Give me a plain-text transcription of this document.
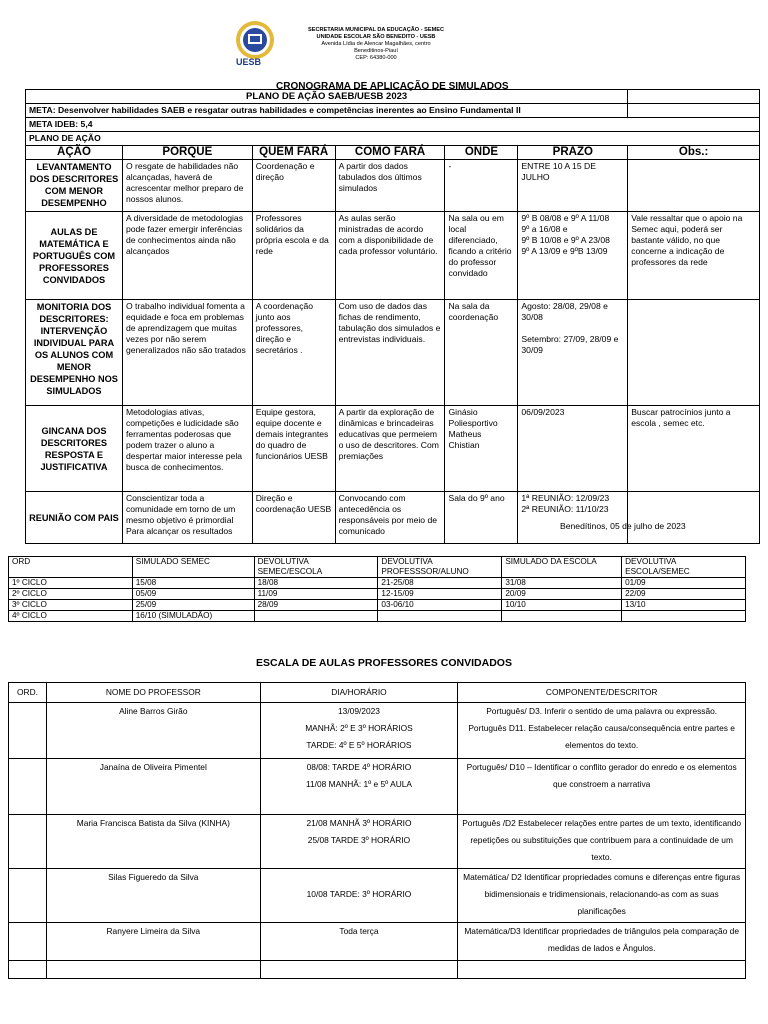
UESB
SECRETARIA MUNICIPAL DA EDUCAÇÃO - SEMEC
UNIDADE ESCOLAR SÃO BENEDITO - UESB
Avenida Lídia de Alencar Magalhães, centro
Beneditinos-Piauí
CEP: 64380-000
CRONOGRAMA DE APLICAÇÃO DE SIMULADOS
PLANO DE AÇÃO SAEB/UESB 2023						
META: Desenvolver habilidades SAEB e resgatar outras habilidades e competências inerentes ao Ensino Fundamental II						
META IDEB: 5,4						
PLANO DE AÇÃO						
AÇÃO	PORQUE	QUEM FARÁ	COMO FARÁ	ONDE	PRAZO	Obs.:
LEVANTAMENTO DOS DESCRITORES COM MENOR DESEMPENHO	O resgate de habilidades não alcançadas, haverá de acrescentar melhor preparo de nossos alunos.	Coordenação e direção	A partir dos dados tabulados dos últimos simulados	-	ENTRE 10 A 15 DE JULHO	
AULAS DE MATEMÁTICA E PORTUGUÊS COM PROFESSORES CONVIDADOS	A diversidade de metodologias pode fazer emergir inferências de conhecimentos ainda não alcançados	Professores solidários da própria escola e da rede	As aulas serão ministradas de acordo com a disponibilidade de cada professor voluntário.	Na sala ou em local diferenciado, ficando a critério do professor convidado	9º B 08/08 e 9º A 11/08
9º a 16/08 e
9º B 10/08 e 9º A 23/08
9º A 13/09 e 9ºB 13/09	Vale ressaltar que o apoio na Semec aqui, poderá ser bastante válido, no que concerne a indicação de professores da rede
MONITORIA DOS DESCRITORES: INTERVENÇÃO INDIVIDUAL PARA OS ALUNOS COM MENOR DESEMPENHO NOS SIMULADOS	O trabalho individual fomenta a equidade e foca em problemas de aprendizagem que muitas vezes por não serem generalizados não são tratados	A coordenação junto aos professores, direção e secretários .	Com uso de dados das fichas de rendimento, tabulação dos simulados e entrevistas individuais.	Na sala da coordenação	Agosto: 28/08, 29/08 e 30/08

Setembro: 27/09, 28/09 e 30/09	
GINCANA DOS DESCRITORES RESPOSTA E JUSTIFICATIVA	Metodologias ativas, competições e ludicidade são ferramentas poderosas que podem trazer o aluno a despertar maior interesse pela busca de conhecimentos.	Equipe gestora, equipe docente e demais integrantes do quadro de funcionários UESB	A partir da exploração de dinâmicas e brincadeiras educativas que permeiem o uso de descritores. Com premiações	Ginásio Poliesportivo Matheus Chistian	06/09/2023	Buscar patrocínios junto a escola , semec etc.
REUNIÃO COM PAIS	Conscientizar toda a comunidade em torno de um mesmo objetivo é primordial Para alcançar os resultados	Direção e coordenação UESB	Convocando com antecedência os responsáveis por meio de comunicado	Sala do 9º ano	1ª REUNIÃO: 12/09/23
2ª REUNIÃO: 11/10/23	
Benedítinos, 05 de julho de 2023
ORD	SIMULADO SEMEC	DEVOLUTIVA SEMEC/ESCOLA	DEVOLUTIVA PROFESSSOR/ALUNO	SIMULADO DA ESCOLA	DEVOLUTIVA ESCOLA/SEMEC
1º CICLO	15/08	18/08	21-25/08	31/08	01/09
2º CICLO	05/09	11/09	12-15/09	20/09	22/09
3º CICLO	25/09	28/09	03-06/10	10/10	13/10
4º CICLO	16/10 (SIMULADÃO)				
ESCALA DE AULAS PROFESSORES CONVIDADOS
ORD.	NOME DO PROFESSOR	DIA/HORÁRIO	COMPONENTE/DESCRITOR
	Aline Barros Girão	13/09/2023
MANHÃ: 2º E 3º HORÁRIOS
TARDE: 4º E 5º HORÁRIOS	Português/ D3. Inferir o sentido de uma palavra ou expressão.
Português D11. Estabelecer relação causa/consequência entre partes e elementos do texto.
	Janaína de Oliveira Pimentel	08/08: TARDE 4º HORÁRIO
11/08 MANHÃ: 1º e 5º AULA	Português/ D10 – Identificar o conflito gerador do enredo e os elementos que constroem a narrativa
	Maria Francisca Batista da Silva (KINHA)	21/08 MANHÃ 3º HORÁRIO
25/08 TARDE 3º HORÁRIO	Português /D2 Estabelecer relações entre partes de um texto, identificando repetições ou substituições que contribuem para a continuidade de um texto.
	Silas Figueredo da Silva	
10/08 TARDE: 3º HORÁRIO	Matemática/ D2 Identificar propriedades comuns e diferenças entre figuras bidimensionais e tridimensionais, relacionando-as com as suas planificações
	Ranyere Limeira da Silva	Toda terça	Matemática/D3 Identificar propriedades de triângulos pela comparação de medidas de lados e Ângulos.
